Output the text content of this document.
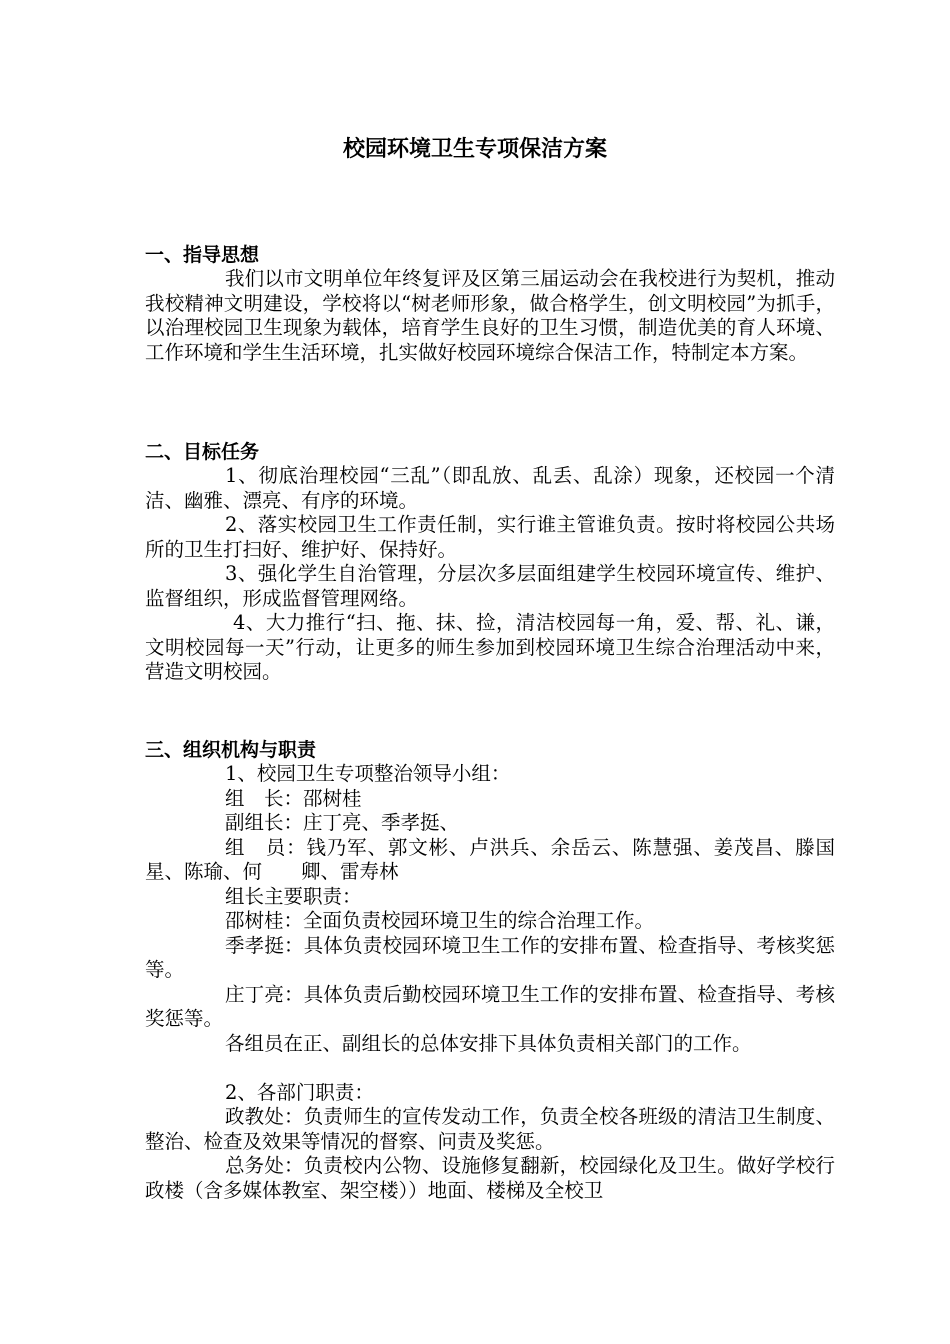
校园环境卫生专项保洁方案
一、指导思想

我们以市文明单位年终复评及区第三届运动会在我校进行为契机，推动我校精神文明建设，学校将以“树老师形象，做合格学生，创文明校园”为抓手，以治理校园卫生现象为载体，培育学生良好的卫生习惯，制造优美的育人环境、工作环境和学生生活环境，扎实做好校园环境综合保洁工作，特制定本方案。

二、目标任务

1、彻底治理校园“三乱”（即乱放、乱丢、乱涂）现象，还校园一个清洁、幽雅、漂亮、有序的环境。

2、落实校园卫生工作责任制，实行谁主管谁负责。按时将校园公共场所的卫生打扫好、维护好、保持好。

3、强化学生自治管理，分层次多层面组建学生校园环境宣传、维护、监督组织，形成监督管理网络。

4、大力推行“扫、拖、抹、捡，清洁校园每一角，爱、帮、礼、谦，文明校园每一天”行动，让更多的师生参加到校园环境卫生综合治理活动中来，营造文明校园。

三、组织机构与职责

1、校园卫生专项整治领导小组：

组　长：邵树桂

副组长：庄丁亮、季孝挺、

组　员：钱乃军、郭文彬、卢洪兵、余岳云、陈慧强、姜茂昌、滕国星、陈瑜、何　　卿、雷寿林

组长主要职责：

邵树桂：全面负责校园环境卫生的综合治理工作。

季孝挺：具体负责校园环境卫生工作的安排布置、检查指导、考核奖惩等。

庄丁亮：具体负责后勤校园环境卫生工作的安排布置、检查指导、考核奖惩等。

各组员在正、副组长的总体安排下具体负责相关部门的工作。

2、各部门职责：

政教处：负责师生的宣传发动工作，负责全校各班级的清洁卫生制度、整治、检查及效果等情况的督察、问责及奖惩。

总务处：负责校内公物、设施修复翻新，校园绿化及卫生。做好学校行政楼（含多媒体教室、架空楼））地面、楼梯及全校卫
